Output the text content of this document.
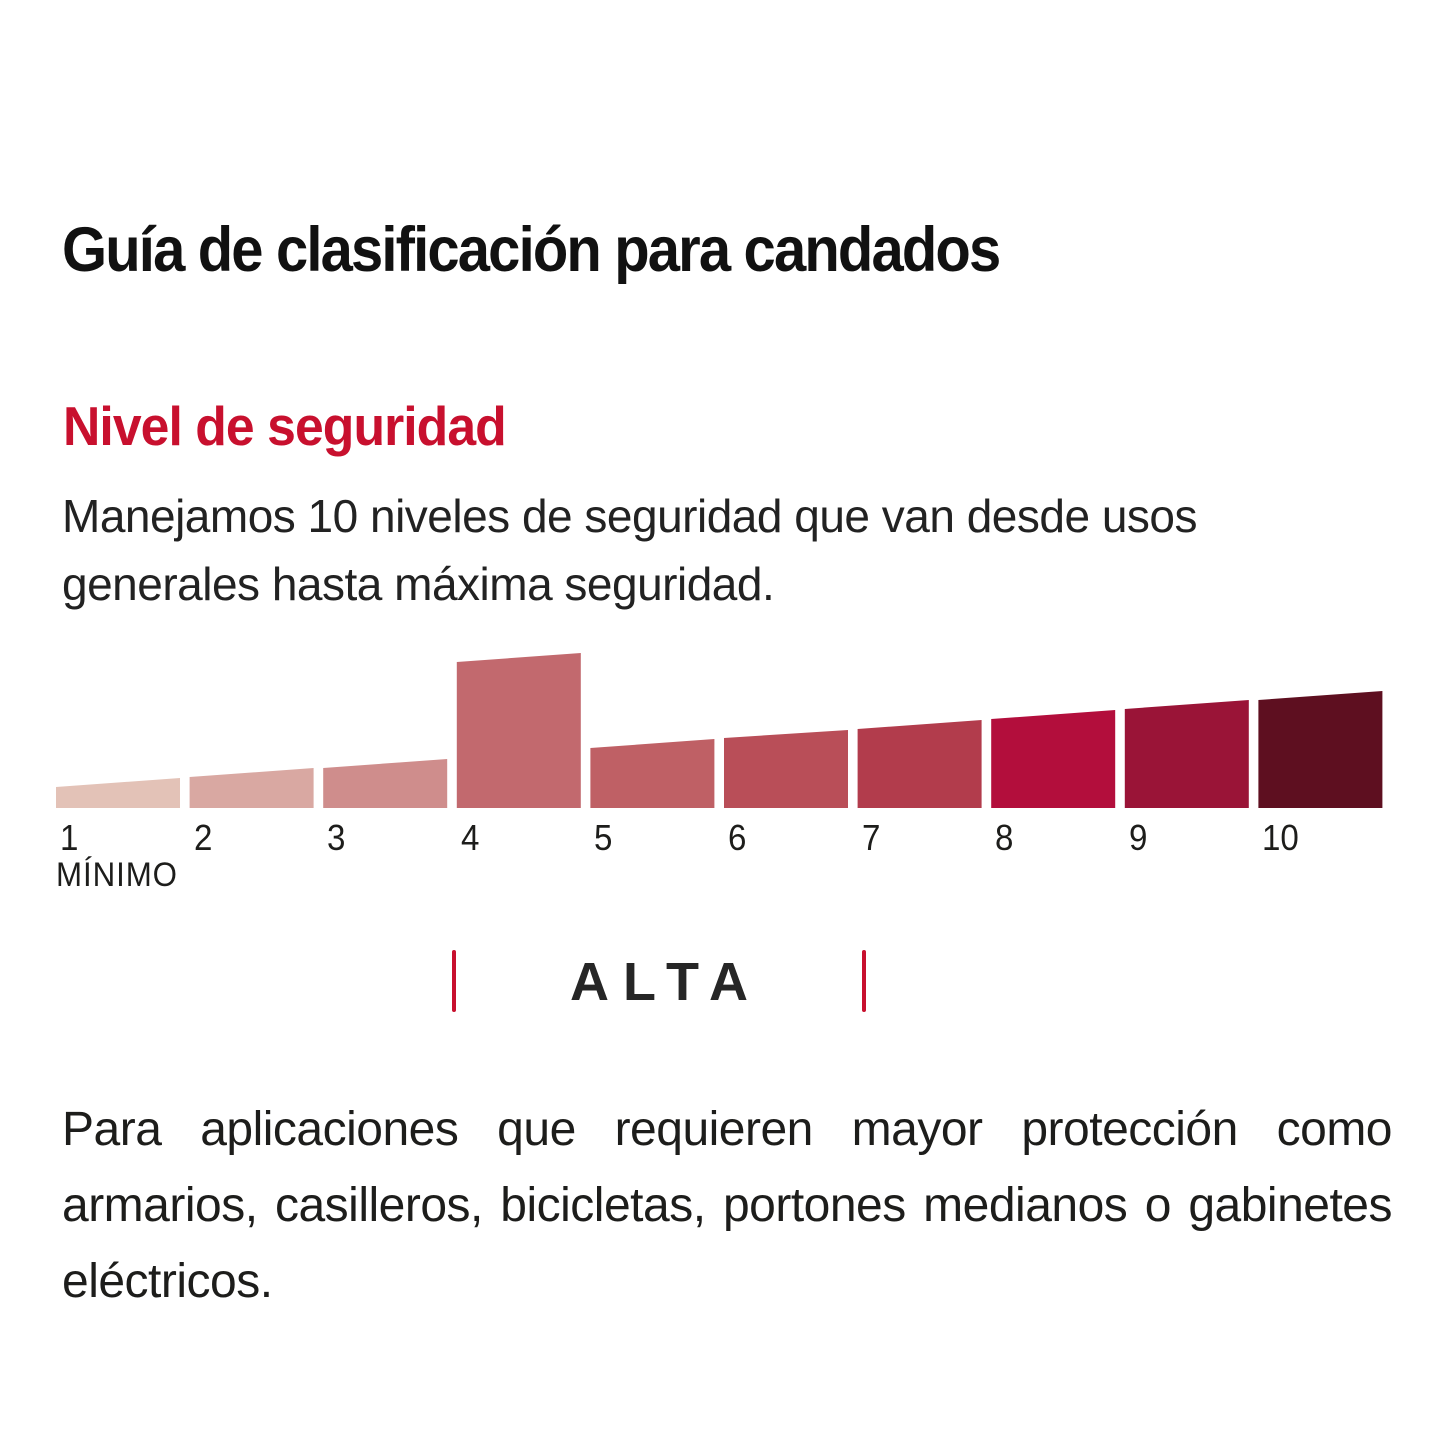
Guía de clasificación para candados
Nivel de seguridad

Manejamos 10 niveles de seguridad que van desde usos generales hasta máxima seguridad.

1	2	3	4	5	6	7	8	9	10
MÍNIMO
ALTA

Para aplicaciones que requieren mayor protección como armarios, casilleros, bicicletas, portones medianos o gabinetes eléctricos.
